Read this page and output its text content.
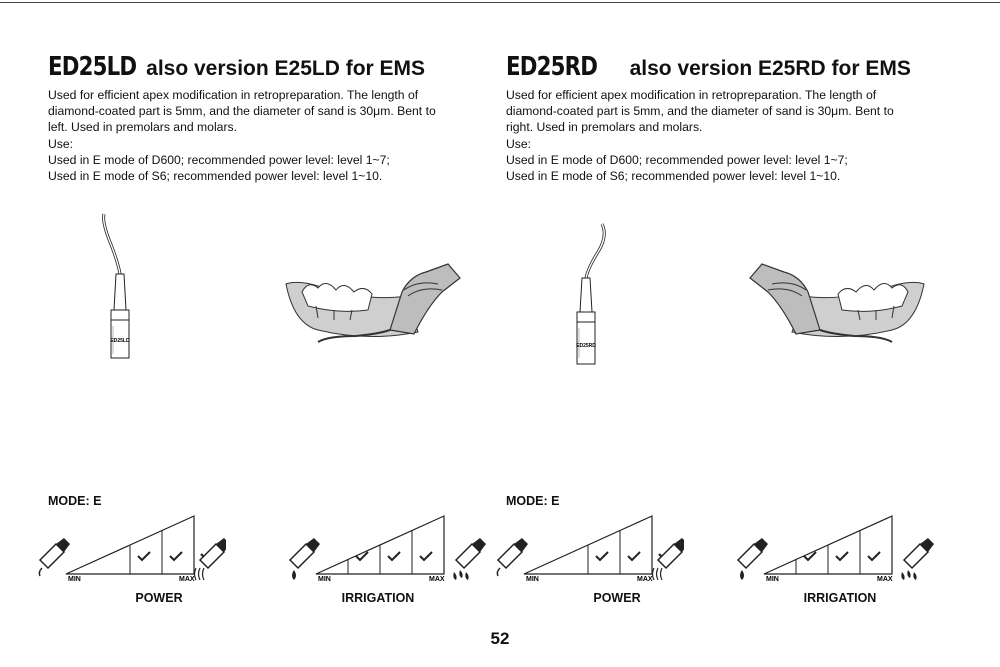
ED25LD also version E25LD for EMS
Used for efficient apex modification in retropreparation. The length of
diamond-coated part is 5mm, and the diameter of sand is 30μm. Bent to
left. Used in premolars and molars.
Use:
Used in E mode of D600; recommended power level: level 1~7;
Used in E mode of S6; recommended power level: level 1~10.
ED25LD
MODE: E
MIN	MAX
POWER
MIN	MAX
IRRIGATION
ED25RD also version E25RD for EMS
Used for efficient apex modification in retropreparation. The length of
diamond-coated part is 5mm, and the diameter of sand is 30μm. Bent to
right. Used in premolars and molars.
Use:
Used in E mode of D600; recommended power level: level 1~7;
Used in E mode of S6; recommended power level: level 1~10.
ED25RD
MODE: E
MIN	MAX
POWER
MIN	MAX
IRRIGATION
52
